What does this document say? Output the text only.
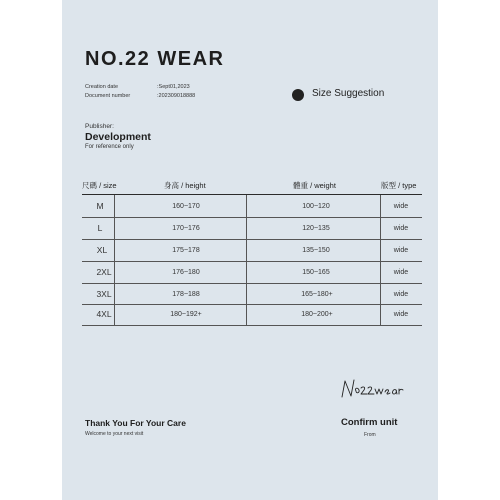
NO.22 WEAR
Creation date	:Sept01,2023
Document number	:202309018888	Size Suggestion
Publisher:
Development
For reference only
尺碼 / size	身高 / height	體重 / weight	版型 / type
M	160~170	100~120	wide
L	170~176	120~135	wide
XL	175~178	135~150	wide
2XL	176~180	150~165	wide
3XL	178~188	165~180+	wide
4XL	180~192+	180~200+	wide
Thank You For Your Care
Welcome to your next visit
Confirm unit
From
